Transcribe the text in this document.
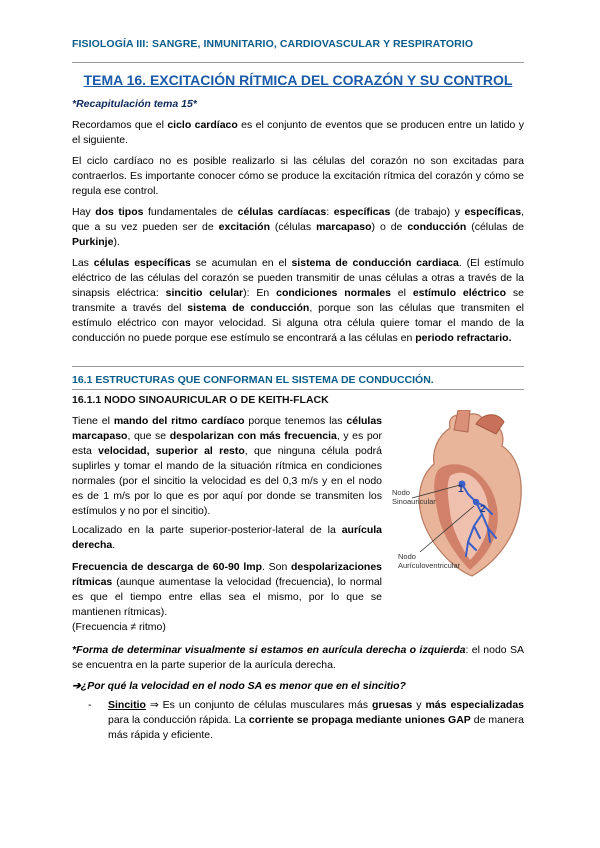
FISIOLOGÍA III: SANGRE, INMUNITARIO, CARDIOVASCULAR Y RESPIRATORIO
TEMA 16. EXCITACIÓN RÍTMICA DEL CORAZÓN Y SU CONTROL
*Recapitulación tema 15*
Recordamos que el ciclo cardíaco es el conjunto de eventos que se producen entre un latido y el siguiente.
El ciclo cardíaco no es posible realizarlo si las células del corazón no son excitadas para contraerlos. Es importante conocer cómo se produce la excitación rítmica del corazón y cómo se regula ese control.
Hay dos tipos fundamentales de células cardíacas: específicas (de trabajo) y específicas, que a su vez pueden ser de excitación (células marcapaso) o de conducción (células de Purkinje).
Las células específicas se acumulan en el sistema de conducción cardiaca. (El estímulo eléctrico de las células del corazón se pueden transmitir de unas células a otras a través de la sinapsis eléctrica: sincitio celular): En condiciones normales el estímulo eléctrico se transmite a través del sistema de conducción, porque son las células que transmiten el estímulo eléctrico con mayor velocidad. Si alguna otra célula quiere tomar el mando de la conducción no puede porque ese estímulo se encontrará a las células en periodo refractario.
16.1 ESTRUCTURAS QUE CONFORMAN EL SISTEMA DE CONDUCCIÓN.
16.1.1 NODO SINOAURICULAR O DE KEITH-FLACK
Tiene el mando del ritmo cardíaco porque tenemos las células marcapaso, que se despolarizan con más frecuencia, y es por esta velocidad, superior al resto, que ninguna célula podrá suplirles y tomar el mando de la situación rítmica en condiciones normales (por el sincitio la velocidad es del 0,3 m/s y en el nodo es de 1 m/s por lo que es por aquí por donde se transmiten los estímulos y no por el sincitio).
Localizado en la parte superior-posterior-lateral de la aurícula derecha.
Frecuencia de descarga de 60-90 lmp. Son despolarizaciones rítmicas (aunque aumentase la velocidad (frecuencia), lo normal es que el tiempo entre ellas sea el mismo, por lo que se mantienen rítmicas).
(Frecuencia ≠ ritmo)
1
2
Nodo
Sinoauricular
Nodo
Aurículoventricular
*Forma de determinar visualmente si estamos en aurícula derecha o izquierda: el nodo SA se encuentra en la parte superior de la aurícula derecha.
➔¿Por qué la velocidad en el nodo SA es menor que en el sincitio?
- Sincitio ⇒ Es un conjunto de células musculares más gruesas y más especializadas para la conducción rápida. La corriente se propaga mediante uniones GAP de manera más rápida y eficiente.
